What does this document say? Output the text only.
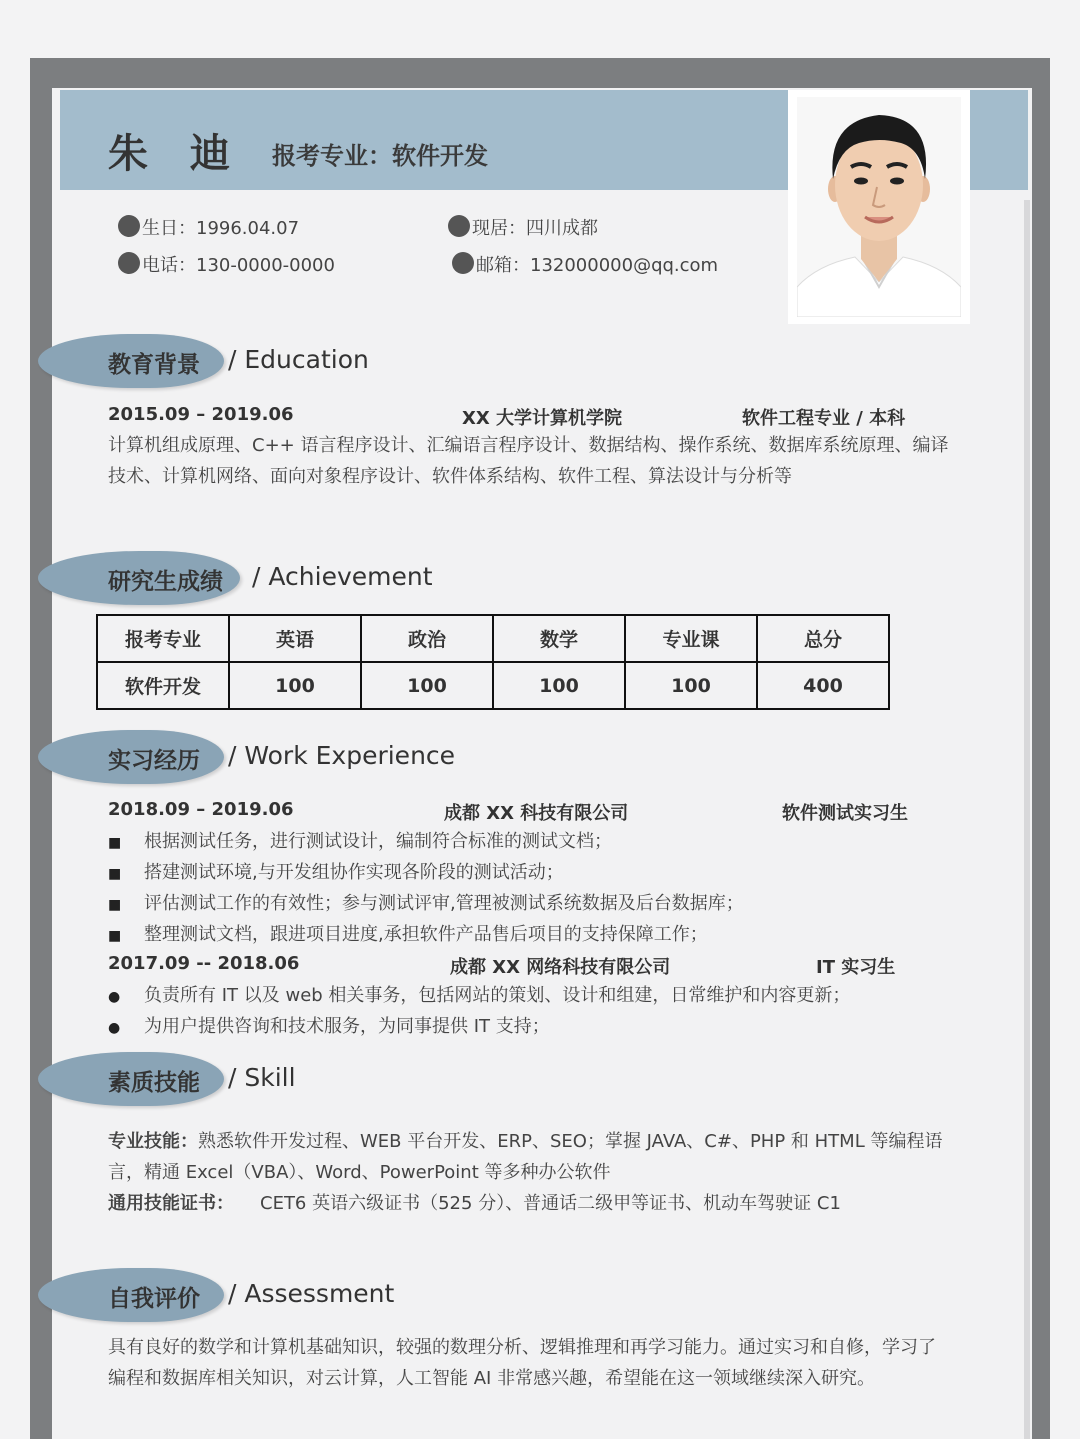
朱 迪 报考专业：软件开发
生日：1996.04.07	现居：四川成都
电话：130-0000-0000	邮箱：132000000@qq.com
教育背景 / Education
2015.09 – 2019.06	XX 大学计算机学院	软件工程专业 / 本科
计算机组成原理、C++ 语言程序设计、汇编语言程序设计、数据结构、操作系统、数据库系统原理、编译
技术、计算机网络、面向对象程序设计、软件体系结构、软件工程、算法设计与分析等
研究生成绩 / Achievement
报考专业	英语	政治	数学	专业课	总分
软件开发	100	100	100	100	400
实习经历 / Work Experience
2018.09 – 2019.06	成都 XX 科技有限公司	软件测试实习生
■ 根据测试任务，进行测试设计，编制符合标准的测试文档；
■ 搭建测试环境,与开发组协作实现各阶段的测试活动；
■ 评估测试工作的有效性；参与测试评审,管理被测试系统数据及后台数据库；
■ 整理测试文档，跟进项目进度,承担软件产品售后项目的支持保障工作；
2017.09 -- 2018.06	成都 XX 网络科技有限公司	IT 实习生
● 负责所有 IT 以及 web 相关事务，包括网站的策划、设计和组建，日常维护和内容更新；
● 为用户提供咨询和技术服务，为同事提供 IT 支持；
素质技能 / Skill
专业技能：熟悉软件开发过程、WEB 平台开发、ERP、SEO；掌握 JAVA、C#、PHP 和 HTML 等编程语
言，精通 Excel（VBA）、Word、PowerPoint 等多种办公软件
通用技能证书： CET6 英语六级证书（525 分）、普通话二级甲等证书、机动车驾驶证 C1
自我评价 / Assessment
具有良好的数学和计算机基础知识，较强的数理分析、逻辑推理和再学习能力。通过实习和自修，学习了
编程和数据库相关知识，对云计算，人工智能 AI 非常感兴趣，希望能在这一领域继续深入研究。
